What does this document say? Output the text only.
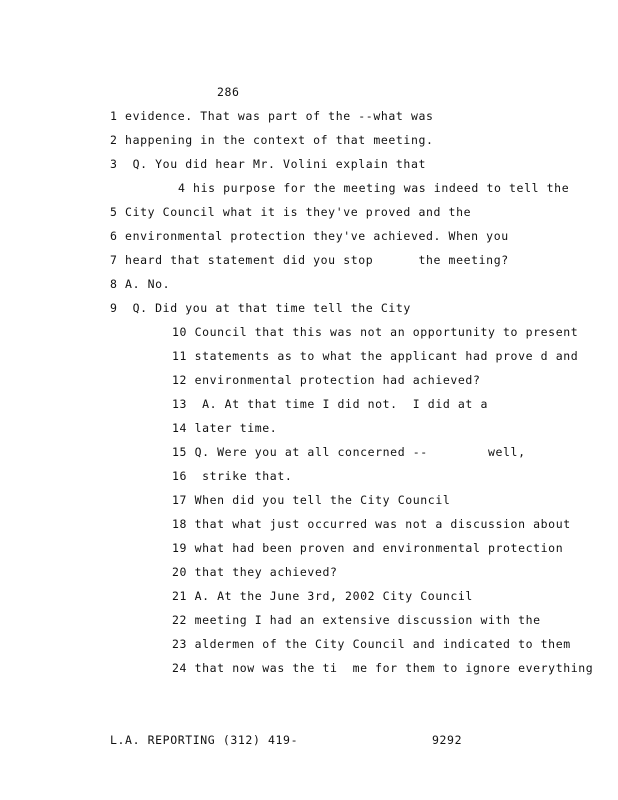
286
1 evidence. That was part of the --what was
2 happening in the context of that meeting.
3  Q. You did hear Mr. Volini explain that
4 his purpose for the meeting was indeed to tell the
5 City Council what it is they've proved and the
6 environmental protection they've achieved. When you
7 heard that statement did you stop      the meeting?
8 A. No.
9  Q. Did you at that time tell the City
10 Council that this was not an opportunity to present
11 statements as to what the applicant had prove d and
12 environmental protection had achieved?
13  A. At that time I did not.  I did at a
14 later time.
15 Q. Were you at all concerned --        well,
16  strike that.
17 When did you tell the City Council
18 that what just occurred was not a discussion about
19 what had been proven and environmental protection
20 that they achieved?
21 A. At the June 3rd, 2002 City Council
22 meeting I had an extensive discussion with the
23 aldermen of the City Council and indicated to them
24 that now was the ti  me for them to ignore everything
L.A. REPORTING (312) 419-	9292
